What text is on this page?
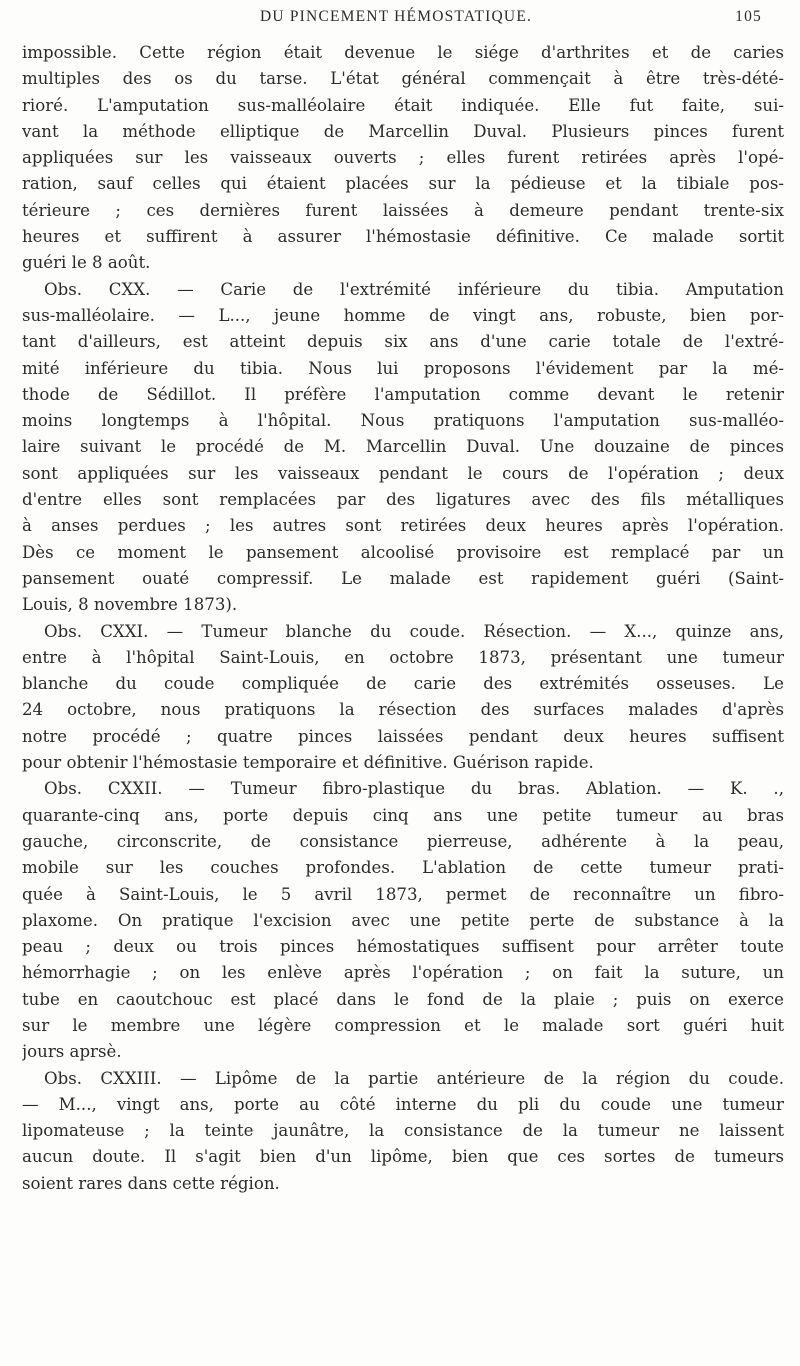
DU PINCEMENT HÉMOSTATIQUE.	105
impossible. Cette région était devenue le siége d'arthrites et de caries
multiples des os du tarse. L'état général commençait à être très-dété-
rioré. L'amputation sus-malléolaire était indiquée. Elle fut faite, sui-
vant la méthode elliptique de Marcellin Duval. Plusieurs pinces furent
appliquées sur les vaisseaux ouverts ; elles furent retirées après l'opé-
ration, sauf celles qui étaient placées sur la pédieuse et la tibiale pos-
térieure ; ces dernières furent laissées à demeure pendant trente-six
heures et suffirent à assurer l'hémostasie définitive. Ce malade sortit
guéri le 8 août.
Obs. CXX. — Carie de l'extrémité inférieure du tibia. Amputation
sus-malléolaire. — L..., jeune homme de vingt ans, robuste, bien por-
tant d'ailleurs, est atteint depuis six ans d'une carie totale de l'extré-
mité inférieure du tibia. Nous lui proposons l'évidement par la mé-
thode de Sédillot. Il préfère l'amputation comme devant le retenir
moins longtemps à l'hôpital. Nous pratiquons l'amputation sus-malléo-
laire suivant le procédé de M. Marcellin Duval. Une douzaine de pinces
sont appliquées sur les vaisseaux pendant le cours de l'opération ; deux
d'entre elles sont remplacées par des ligatures avec des fils métalliques
à anses perdues ; les autres sont retirées deux heures après l'opération.
Dès ce moment le pansement alcoolisé provisoire est remplacé par un
pansement ouaté compressif. Le malade est rapidement guéri (Saint-
Louis, 8 novembre 1873).
Obs. CXXI. — Tumeur blanche du coude. Résection. — X..., quinze ans,
entre à l'hôpital Saint-Louis, en octobre 1873, présentant une tumeur
blanche du coude compliquée de carie des extrémités osseuses. Le
24 octobre, nous pratiquons la résection des surfaces malades d'après
notre procédé ; quatre pinces laissées pendant deux heures suffisent
pour obtenir l'hémostasie temporaire et définitive. Guérison rapide.
Obs. CXXII. — Tumeur fibro-plastique du bras. Ablation. — K. .,
quarante-cinq ans, porte depuis cinq ans une petite tumeur au bras
gauche, circonscrite, de consistance pierreuse, adhérente à la peau,
mobile sur les couches profondes. L'ablation de cette tumeur prati-
quée à Saint-Louis, le 5 avril 1873, permet de reconnaître un fibro-
plaxome. On pratique l'excision avec une petite perte de substance à la
peau ; deux ou trois pinces hémostatiques suffisent pour arrêter toute
hémorrhagie ; on les enlève après l'opération ; on fait la suture, un
tube en caoutchouc est placé dans le fond de la plaie ; puis on exerce
sur le membre une légère compression et le malade sort guéri huit
jours aprsè.
Obs. CXXIII. — Lipôme de la partie antérieure de la région du coude.
— M..., vingt ans, porte au côté interne du pli du coude une tumeur
lipomateuse ; la teinte jaunâtre, la consistance de la tumeur ne laissent
aucun doute. Il s'agit bien d'un lipôme, bien que ces sortes de tumeurs
soient rares dans cette région.
